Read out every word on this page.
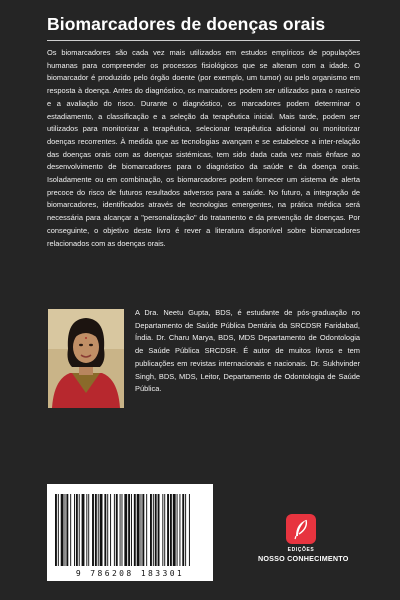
Biomarcadores de doenças orais
Os biomarcadores são cada vez mais utilizados em estudos empíricos de populações humanas para compreender os processos fisiológicos que se alteram com a idade. O biomarcador é produzido pelo órgão doente (por exemplo, um tumor) ou pelo organismo em resposta à doença. Antes do diagnóstico, os marcadores podem ser utilizados para o rastreio e a avaliação do risco. Durante o diagnóstico, os marcadores podem determinar o estadiamento, a classificação e a seleção da terapêutica inicial. Mais tarde, podem ser utilizados para monitorizar a terapêutica, selecionar terapêutica adicional ou monitorizar doenças recorrentes. À medida que as tecnologias avançam e se estabelece a inter-relação das doenças orais com as doenças sistémicas, tem sido dada cada vez mais ênfase ao desenvolvimento de biomarcadores para o diagnóstico da saúde e da doença orais. Isoladamente ou em combinação, os biomarcadores podem fornecer um sistema de alerta precoce do risco de futuros resultados adversos para a saúde. No futuro, a integração de biomarcadores, identificados através de tecnologias emergentes, na prática médica será necessária para alcançar a "personalização" do tratamento e da prevenção de doenças. Por conseguinte, o objetivo deste livro é rever a literatura disponível sobre biomarcadores relacionados com as doenças orais.
A Dra. Neetu Gupta, BDS, é estudante de pós-graduação no Departamento de Saúde Pública Dentária da SRCDSR Faridabad, Índia. Dr. Charu Marya, BDS, MDS Departamento de Odontologia de Saúde Pública SRCDSR. É autor de muitos livros e tem publicações em revistas internacionais e nacionais. Dr. Sukhvinder Singh, BDS, MDS, Leitor, Departamento de Odontologia de Saúde Pública.
9 786208 183301
EDIÇÕES
NOSSO CONHECIMENTO
